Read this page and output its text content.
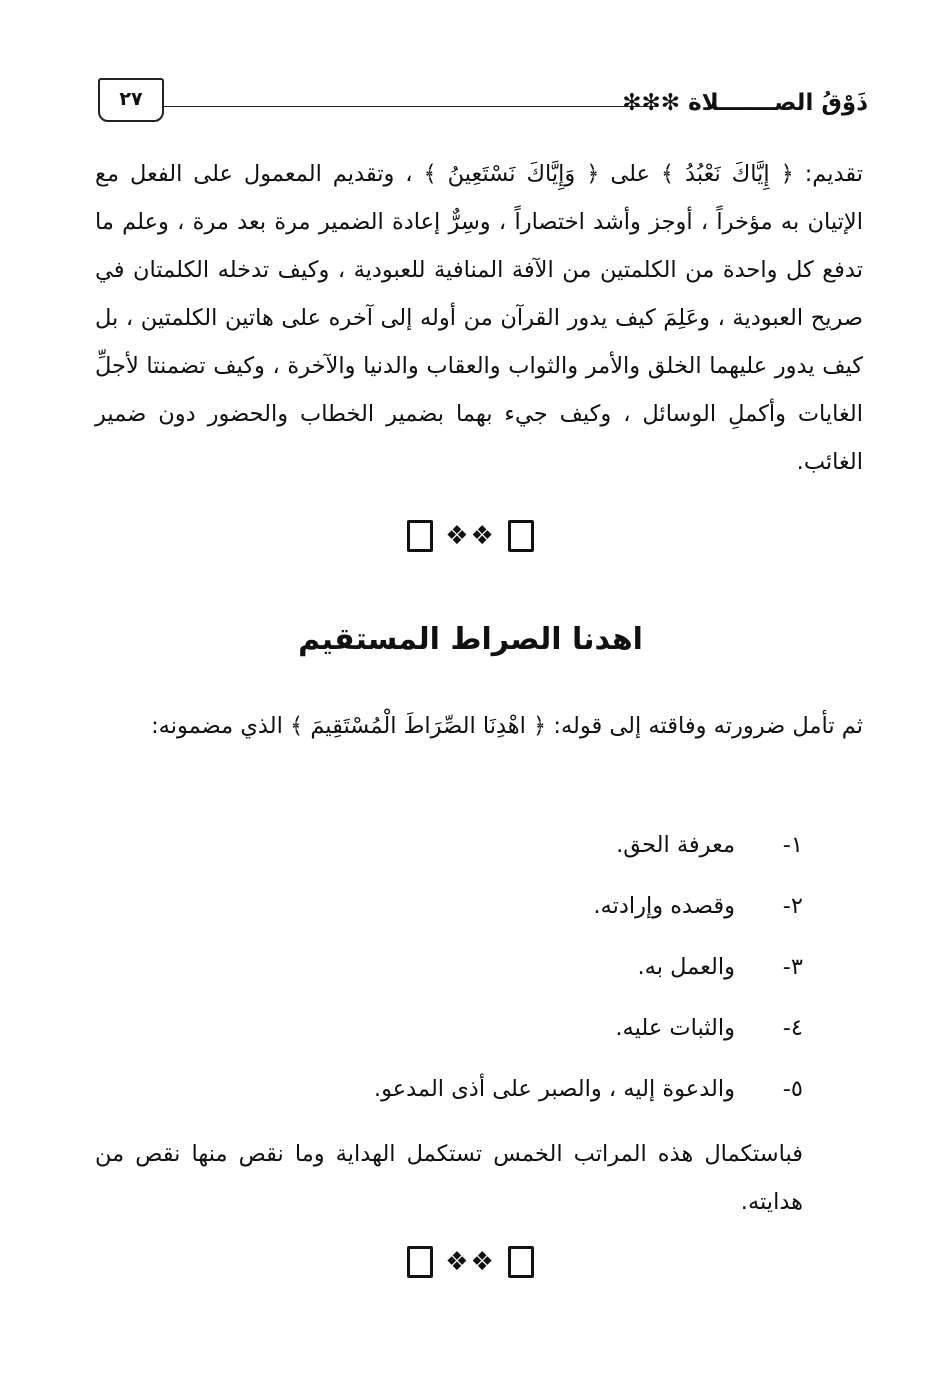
٢٧	ذَوْقُ الصـــــــلاة ✻✻✻
تقديم: ﴿ إِيَّاكَ نَعْبُدُ ﴾ على ﴿ وَإِيَّاكَ نَسْتَعِينُ ﴾ ، وتقديم المعمول على الفعل مع الإتيان به مؤخراً ، أوجز وأشد اختصاراً ، وسِرٌّ إعادة الضمير مرة بعد مرة ، وعلم ما تدفع كل واحدة من الكلمتين من الآفة المنافية للعبودية ، وكيف تدخله الكلمتان في صريح العبودية ، وعَلِمَ كيف يدور القرآن من أوله إلى آخره على هاتين الكلمتين ، بل كيف يدور عليهما الخلق والأمر والثواب والعقاب والدنيا والآخرة ، وكيف تضمنتا لأجلِّ الغايات وأكملِ الوسائل ، وكيف جيء بهما بضمير الخطاب والحضور دون ضمير الغائب.
❖❖
اهدنا الصراط المستقيم
ثم تأمل ضرورته وفاقته إلى قوله: ﴿ اهْدِنَا الصِّرَاطَ الْمُسْتَقِيمَ ﴾ الذي مضمونه:
١-معرفة الحق.
٢-وقصده وإرادته.
٣-والعمل به.
٤-والثبات عليه.
٥-والدعوة إليه ، والصبر على أذى المدعو.
فباستكمال هذه المراتب الخمس تستكمل الهداية وما نقص منها نقص من هدايته.
❖❖
